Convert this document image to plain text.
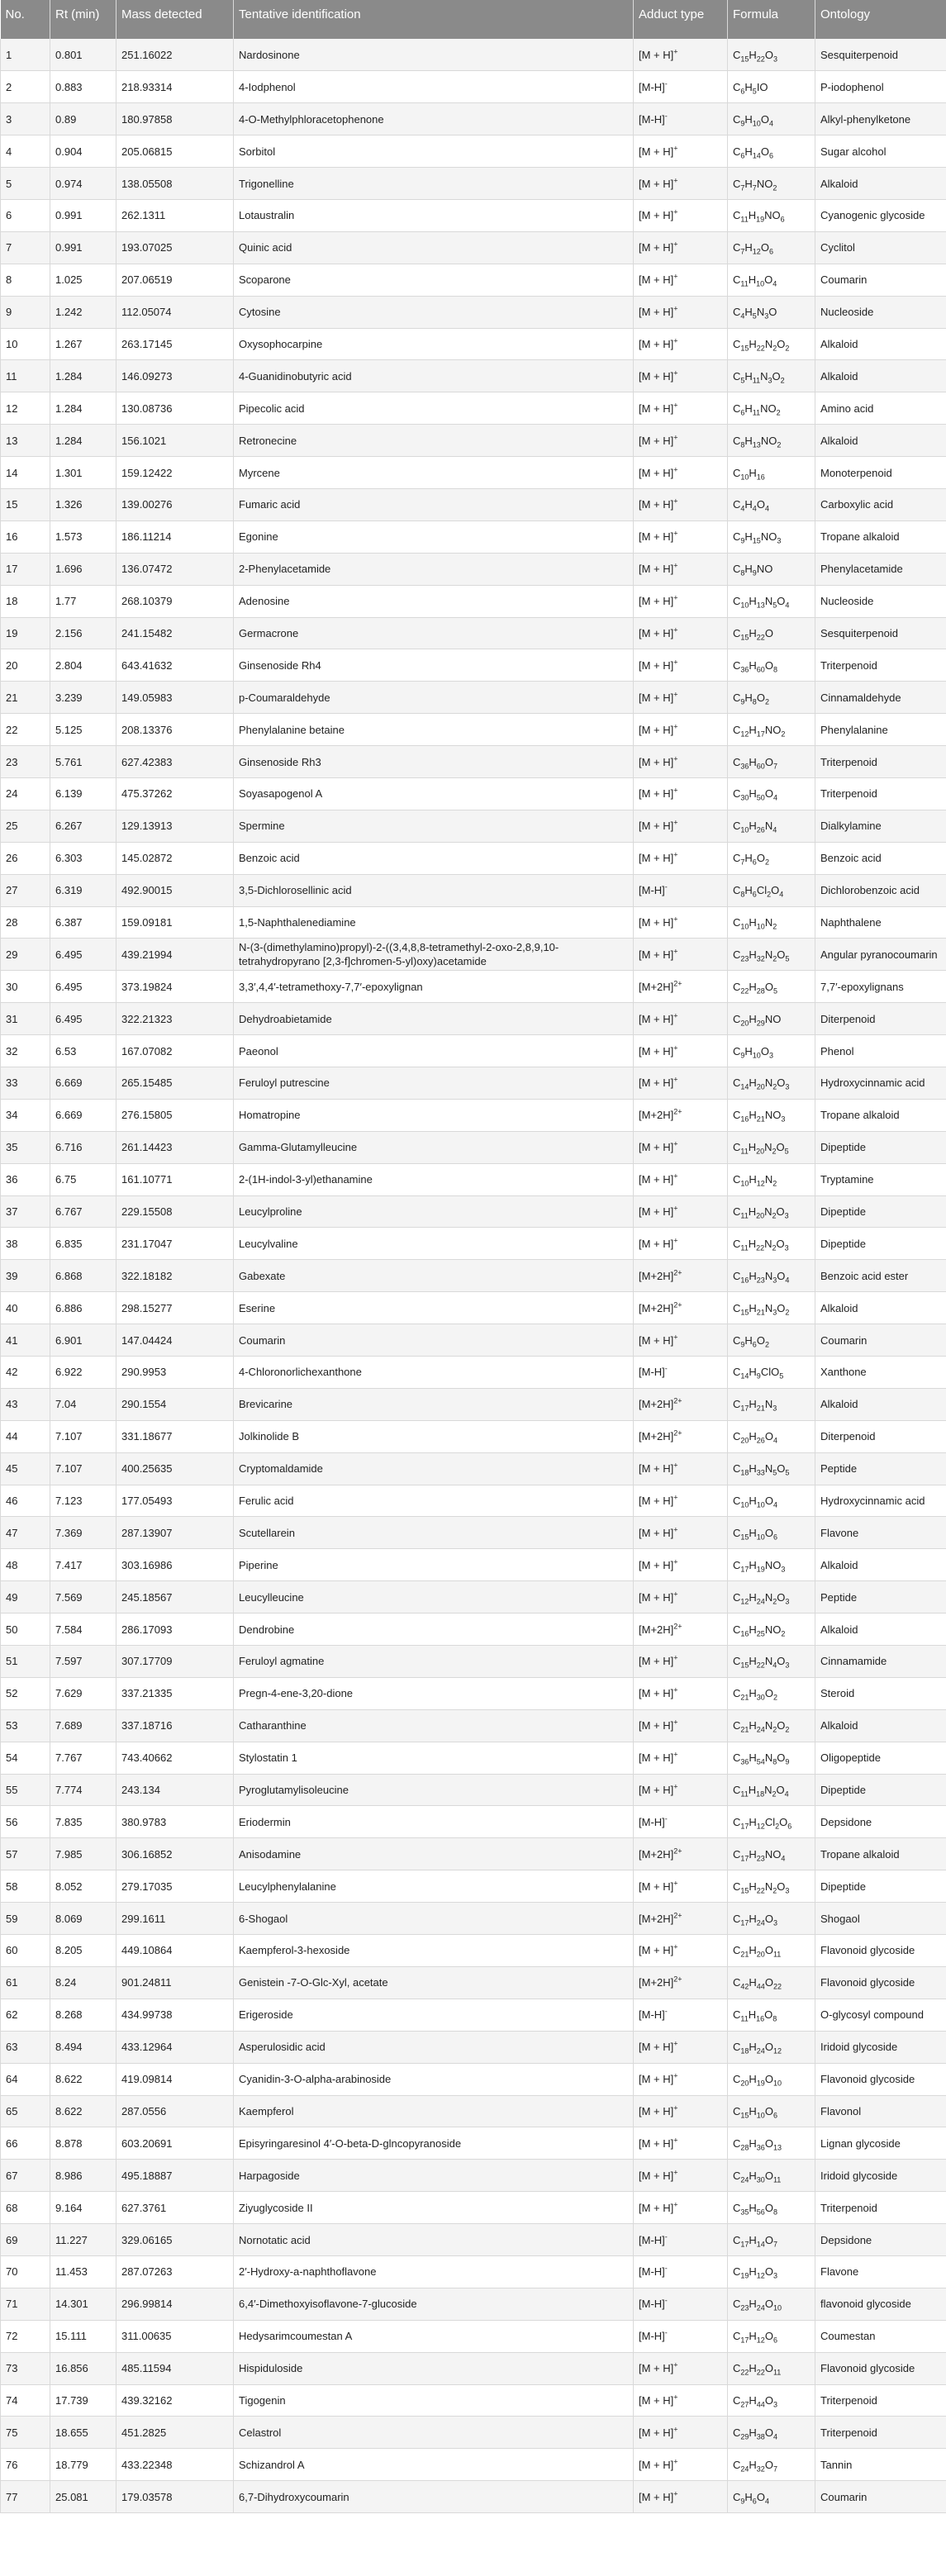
No.	Rt (min)	Mass detected	Tentative identification	Adduct type	Formula	Ontology
1	0.801	251.16022	Nardosinone	[M + H]+	$C_{15}H_{22}O_3$	Sesquiterpenoid
2	0.883	218.93314	4-Iodphenol	[M-H]-	$C_6H_5IO$	P-iodophenol
3	0.89	180.97858	4-O-Methylphloracetophenone	[M-H]-	$C_9H_{10}O_4$	Alkyl-phenylketone
4	0.904	205.06815	Sorbitol	[M + H]+	$C_6H_{14}O_6$	Sugar alcohol
5	0.974	138.05508	Trigonelline	[M + H]+	$C_7H_7NO_2$	Alkaloid
6	0.991	262.1311	Lotaustralin	[M + H]+	$C_{11}H_{19}NO_6$	Cyanogenic glycoside
7	0.991	193.07025	Quinic acid	[M + H]+	$C_7H_{12}O_6$	Cyclitol
8	1.025	207.06519	Scoparone	[M + H]+	$C_{11}H_{10}O_4$	Coumarin
9	1.242	112.05074	Cytosine	[M + H]+	$C_4H_5N_3O$	Nucleoside
10	1.267	263.17145	Oxysophocarpine	[M + H]+	$C_{15}H_{22}N_2O_2$	Alkaloid
11	1.284	146.09273	4-Guanidinobutyric acid	[M + H]+	$C_5H_{11}N_3O_2$	Alkaloid
12	1.284	130.08736	Pipecolic acid	[M + H]+	$C_6H_{11}NO_2$	Amino acid
13	1.284	156.1021	Retronecine	[M + H]+	$C_8H_{13}NO_2$	Alkaloid
14	1.301	159.12422	Myrcene	[M + H]+	$C_{10}H_{16}$	Monoterpenoid
15	1.326	139.00276	Fumaric acid	[M + H]+	$C_4H_4O_4$	Carboxylic acid
16	1.573	186.11214	Egonine	[M + H]+	$C_9H_{15}NO_3$	Tropane alkaloid
17	1.696	136.07472	2-Phenylacetamide	[M + H]+	$C_8H_9NO$	Phenylacetamide
18	1.77	268.10379	Adenosine	[M + H]+	$C_{10}H_{13}N_5O_4$	Nucleoside
19	2.156	241.15482	Germacrone	[M + H]+	$C_{15}H_{22}O$	Sesquiterpenoid
20	2.804	643.41632	Ginsenoside Rh4	[M + H]+	$C_{36}H_{60}O_8$	Triterpenoid
21	3.239	149.05983	p-Coumaraldehyde	[M + H]+	$C_9H_8O_2$	Cinnamaldehyde
22	5.125	208.13376	Phenylalanine betaine	[M + H]+	$C_{12}H_{17}NO_2$	Phenylalanine
23	5.761	627.42383	Ginsenoside Rh3	[M + H]+	$C_{36}H_{60}O_7$	Triterpenoid
24	6.139	475.37262	Soyasapogenol A	[M + H]+	$C_{30}H_{50}O_4$	Triterpenoid
25	6.267	129.13913	Spermine	[M + H]+	$C_{10}H_{26}N_4$	Dialkylamine
26	6.303	145.02872	Benzoic acid	[M + H]+	$C_7H_6O_2$	Benzoic acid
27	6.319	492.90015	3,5-Dichlorosellinic acid	[M-H]-	$C_8H_6Cl_2O_4$	Dichlorobenzoic acid
28	6.387	159.09181	1,5-Naphthalenediamine	[M + H]+	$C_{10}H_{10}N_2$	Naphthalene
29	6.495	439.21994	N-(3-(dimethylamino)propyl)-2-((3,4,8,8-tetramethyl-2-oxo-2,8,9,10-tetrahydropyrano [2,3-f]chromen-5-yl)oxy)acetamide	[M + H]+	$C_{23}H_{32}N_2O_5$	Angular pyranocoumarin
30	6.495	373.19824	3,3′,4,4′-tetramethoxy-7,7′-epoxylignan	$[M+2H]^{2+}$	$C_{22}H_{28}O_5$	7,7′-epoxylignans
31	6.495	322.21323	Dehydroabietamide	[M + H]+	$C_{20}H_{29}NO$	Diterpenoid
32	6.53	167.07082	Paeonol	[M + H]+	$C_9H_{10}O_3$	Phenol
33	6.669	265.15485	Feruloyl putrescine	[M + H]+	$C_{14}H_{20}N_2O_3$	Hydroxycinnamic acid
34	6.669	276.15805	Homatropine	$[M+2H]^{2+}$	$C_{16}H_{21}NO_3$	Tropane alkaloid
35	6.716	261.14423	Gamma-Glutamylleucine	[M + H]+	$C_{11}H_{20}N_2O_5$	Dipeptide
36	6.75	161.10771	2-(1H-indol-3-yl)ethanamine	[M + H]+	$C_{10}H_{12}N_2$	Tryptamine
37	6.767	229.15508	Leucylproline	[M + H]+	$C_{11}H_{20}N_2O_3$	Dipeptide
38	6.835	231.17047	Leucylvaline	[M + H]+	$C_{11}H_{22}N_2O_3$	Dipeptide
39	6.868	322.18182	Gabexate	$[M+2H]^{2+}$	$C_{16}H_{23}N_3O_4$	Benzoic acid ester
40	6.886	298.15277	Eserine	$[M+2H]^{2+}$	$C_{15}H_{21}N_3O_2$	Alkaloid
41	6.901	147.04424	Coumarin	[M + H]+	$C_9H_6O_2$	Coumarin
42	6.922	290.9953	4-Chloronorlichexanthone	[M-H]-	$C_{14}H_9ClO_5$	Xanthone
43	7.04	290.1554	Brevicarine	$[M+2H]^{2+}$	$C_{17}H_{21}N_3$	Alkaloid
44	7.107	331.18677	Jolkinolide B	$[M+2H]^{2+}$	$C_{20}H_{26}O_4$	Diterpenoid
45	7.107	400.25635	Cryptomaldamide	[M + H]+	$C_{18}H_{33}N_5O_5$	Peptide
46	7.123	177.05493	Ferulic acid	[M + H]+	$C_{10}H_{10}O_4$	Hydroxycinnamic acid
47	7.369	287.13907	Scutellarein	[M + H]+	$C_{15}H_{10}O_6$	Flavone
48	7.417	303.16986	Piperine	[M + H]+	$C_{17}H_{19}NO_3$	Alkaloid
49	7.569	245.18567	Leucylleucine	[M + H]+	$C_{12}H_{24}N_2O_3$	Peptide
50	7.584	286.17093	Dendrobine	$[M+2H]^{2+}$	$C_{16}H_{25}NO_2$	Alkaloid
51	7.597	307.17709	Feruloyl agmatine	[M + H]+	$C_{15}H_{22}N_4O_3$	Cinnamamide
52	7.629	337.21335	Pregn-4-ene-3,20-dione	[M + H]+	$C_{21}H_{30}O_2$	Steroid
53	7.689	337.18716	Catharanthine	[M + H]+	$C_{21}H_{24}N_2O_2$	Alkaloid
54	7.767	743.40662	Stylostatin 1	[M + H]+	$C_{36}H_{54}N_8O_9$	Oligopeptide
55	7.774	243.134	Pyroglutamylisoleucine	[M + H]+	$C_{11}H_{18}N_2O_4$	Dipeptide
56	7.835	380.9783	Eriodermin	[M-H]-	$C_{17}H_{12}Cl_2O_6$	Depsidone
57	7.985	306.16852	Anisodamine	$[M+2H]^{2+}$	$C_{17}H_{23}NO_4$	Tropane alkaloid
58	8.052	279.17035	Leucylphenylalanine	[M + H]+	$C_{15}H_{22}N_2O_3$	Dipeptide
59	8.069	299.1611	6-Shogaol	$[M+2H]^{2+}$	$C_{17}H_{24}O_3$	Shogaol
60	8.205	449.10864	Kaempferol-3-hexoside	[M + H]+	$C_{21}H_{20}O_{11}$	Flavonoid glycoside
61	8.24	901.24811	Genistein -7-O-Glc-Xyl, acetate	$[M+2H]^{2+}$	$C_{42}H_{44}O_{22}$	Flavonoid glycoside
62	8.268	434.99738	Erigeroside	[M-H]-	$C_{11}H_{16}O_8$	O-glycosyl compound
63	8.494	433.12964	Asperulosidic acid	[M + H]+	$C_{18}H_{24}O_{12}$	Iridoid glycoside
64	8.622	419.09814	Cyanidin-3-O-alpha-arabinoside	[M + H]+	$C_{20}H_{19}O_{10}$	Flavonoid glycoside
65	8.622	287.0556	Kaempferol	[M + H]+	$C_{15}H_{10}O_6$	Flavonol
66	8.878	603.20691	Episyringaresinol 4′-O-beta-D-glncopyranoside	[M + H]+	$C_{28}H_{36}O_{13}$	Lignan glycoside
67	8.986	495.18887	Harpagoside	[M + H]+	$C_{24}H_{30}O_{11}$	Iridoid glycoside
68	9.164	627.3761	Ziyuglycoside II	[M + H]+	$C_{35}H_{56}O_8$	Triterpenoid
69	11.227	329.06165	Nornotatic acid	[M-H]-	$C_{17}H_{14}O_7$	Depsidone
70	11.453	287.07263	2′-Hydroxy-a-naphthoflavone	[M-H]-	$C_{19}H_{12}O_3$	Flavone
71	14.301	296.99814	6,4′-Dimethoxyisoflavone-7-glucoside	[M-H]-	$C_{23}H_{24}O_{10}$	flavonoid glycoside
72	15.111	311.00635	Hedysarimcoumestan A	[M-H]-	$C_{17}H_{12}O_6$	Coumestan
73	16.856	485.11594	Hispiduloside	[M + H]+	$C_{22}H_{22}O_{11}$	Flavonoid glycoside
74	17.739	439.32162	Tigogenin	[M + H]+	$C_{27}H_{44}O_3$	Triterpenoid
75	18.655	451.2825	Celastrol	[M + H]+	$C_{29}H_{38}O_4$	Triterpenoid
76	18.779	433.22348	Schizandrol A	[M + H]+	$C_{24}H_{32}O_7$	Tannin
77	25.081	179.03578	6,7-Dihydroxycoumarin	[M + H]+	$C_9H_6O_4$	Coumarin
